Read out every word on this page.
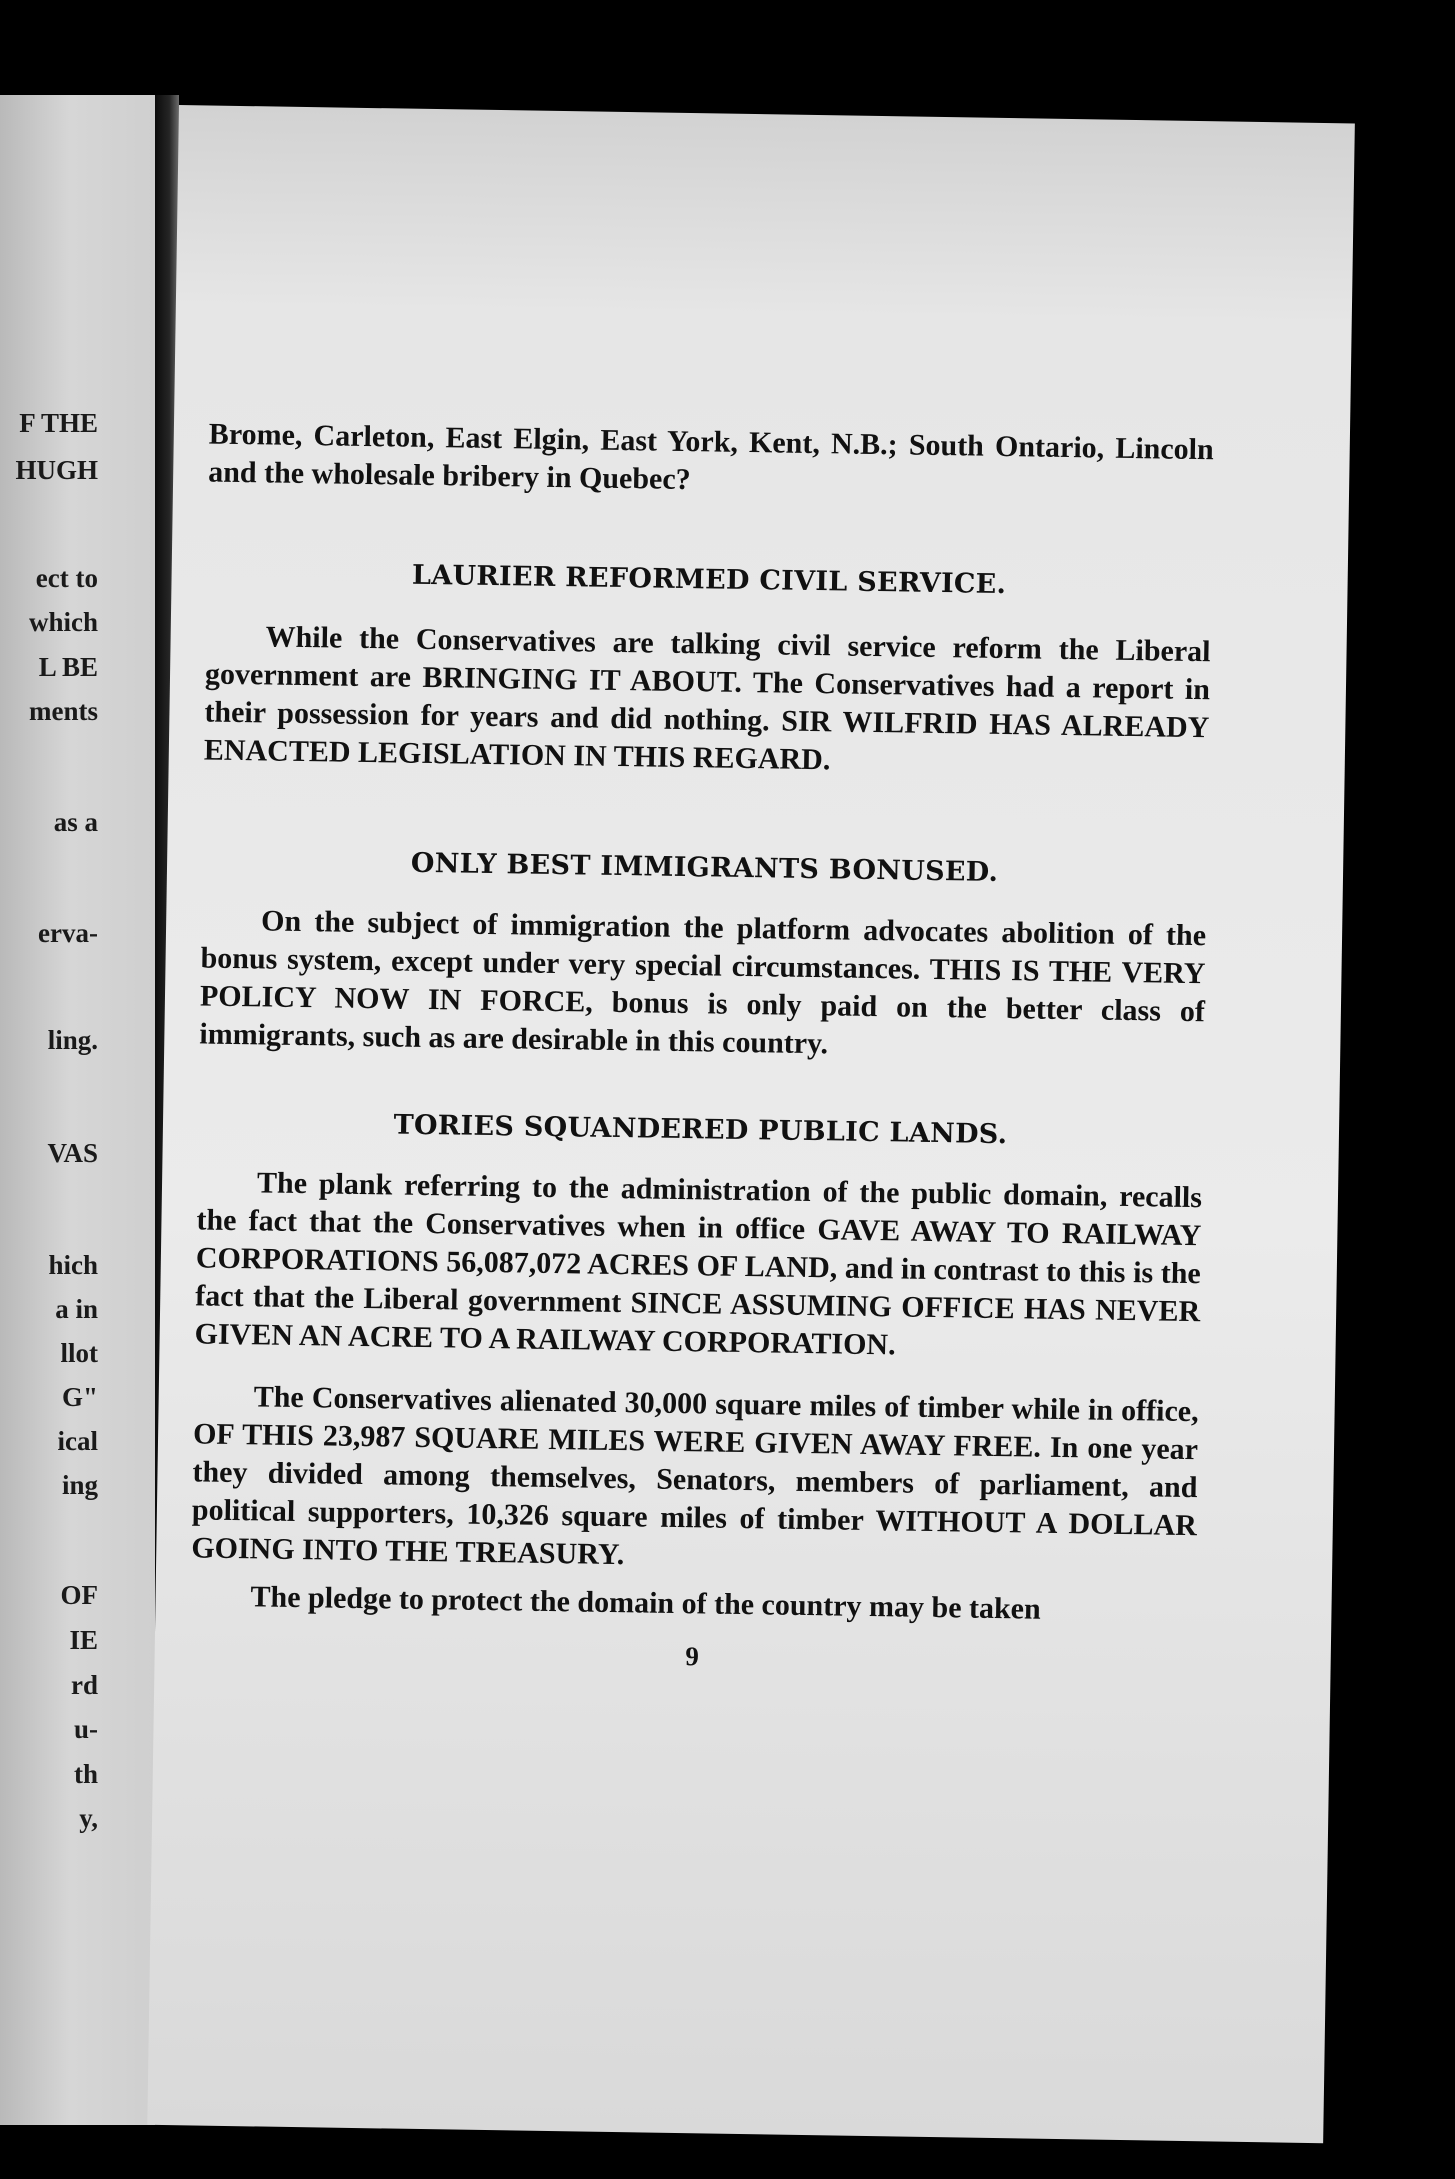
F THE
HUGH
ect to
which
L BE
ments
as a
erva-
ling.
VAS
hich
a in
llot
G"
ical
ing
OF
IE
rd
u-
th
y,

Brome, Carleton, East Elgin, East York, Kent, N.B.; South Ontario, Lincoln and the wholesale bribery in Quebec?

LAURIER REFORMED CIVIL SERVICE.

While the Conservatives are talking civil service reform the Liberal government are BRINGING IT ABOUT. The Conservatives had a report in their possession for years and did nothing. SIR WILFRID HAS ALREADY ENACTED LEGISLATION IN THIS REGARD.

ONLY BEST IMMIGRANTS BONUSED.

On the subject of immigration the platform advocates abolition of the bonus system, except under very special circumstances. THIS IS THE VERY POLICY NOW IN FORCE, bonus is only paid on the better class of immigrants, such as are desirable in this country.

TORIES SQUANDERED PUBLIC LANDS.

The plank referring to the administration of the public domain, recalls the fact that the Conservatives when in office GAVE AWAY TO RAILWAY CORPORATIONS 56,087,072 ACRES OF LAND, and in contrast to this is the fact that the Liberal government SINCE ASSUMING OFFICE HAS NEVER GIVEN AN ACRE TO A RAILWAY CORPORATION.

The Conservatives alienated 30,000 square miles of timber while in office, OF THIS 23,987 SQUARE MILES WERE GIVEN AWAY FREE. In one year they divided among themselves, Senators, members of parliament, and political supporters, 10,326 square miles of timber WITHOUT A DOLLAR GOING INTO THE TREASURY.

The pledge to protect the domain of the country may be taken

9
